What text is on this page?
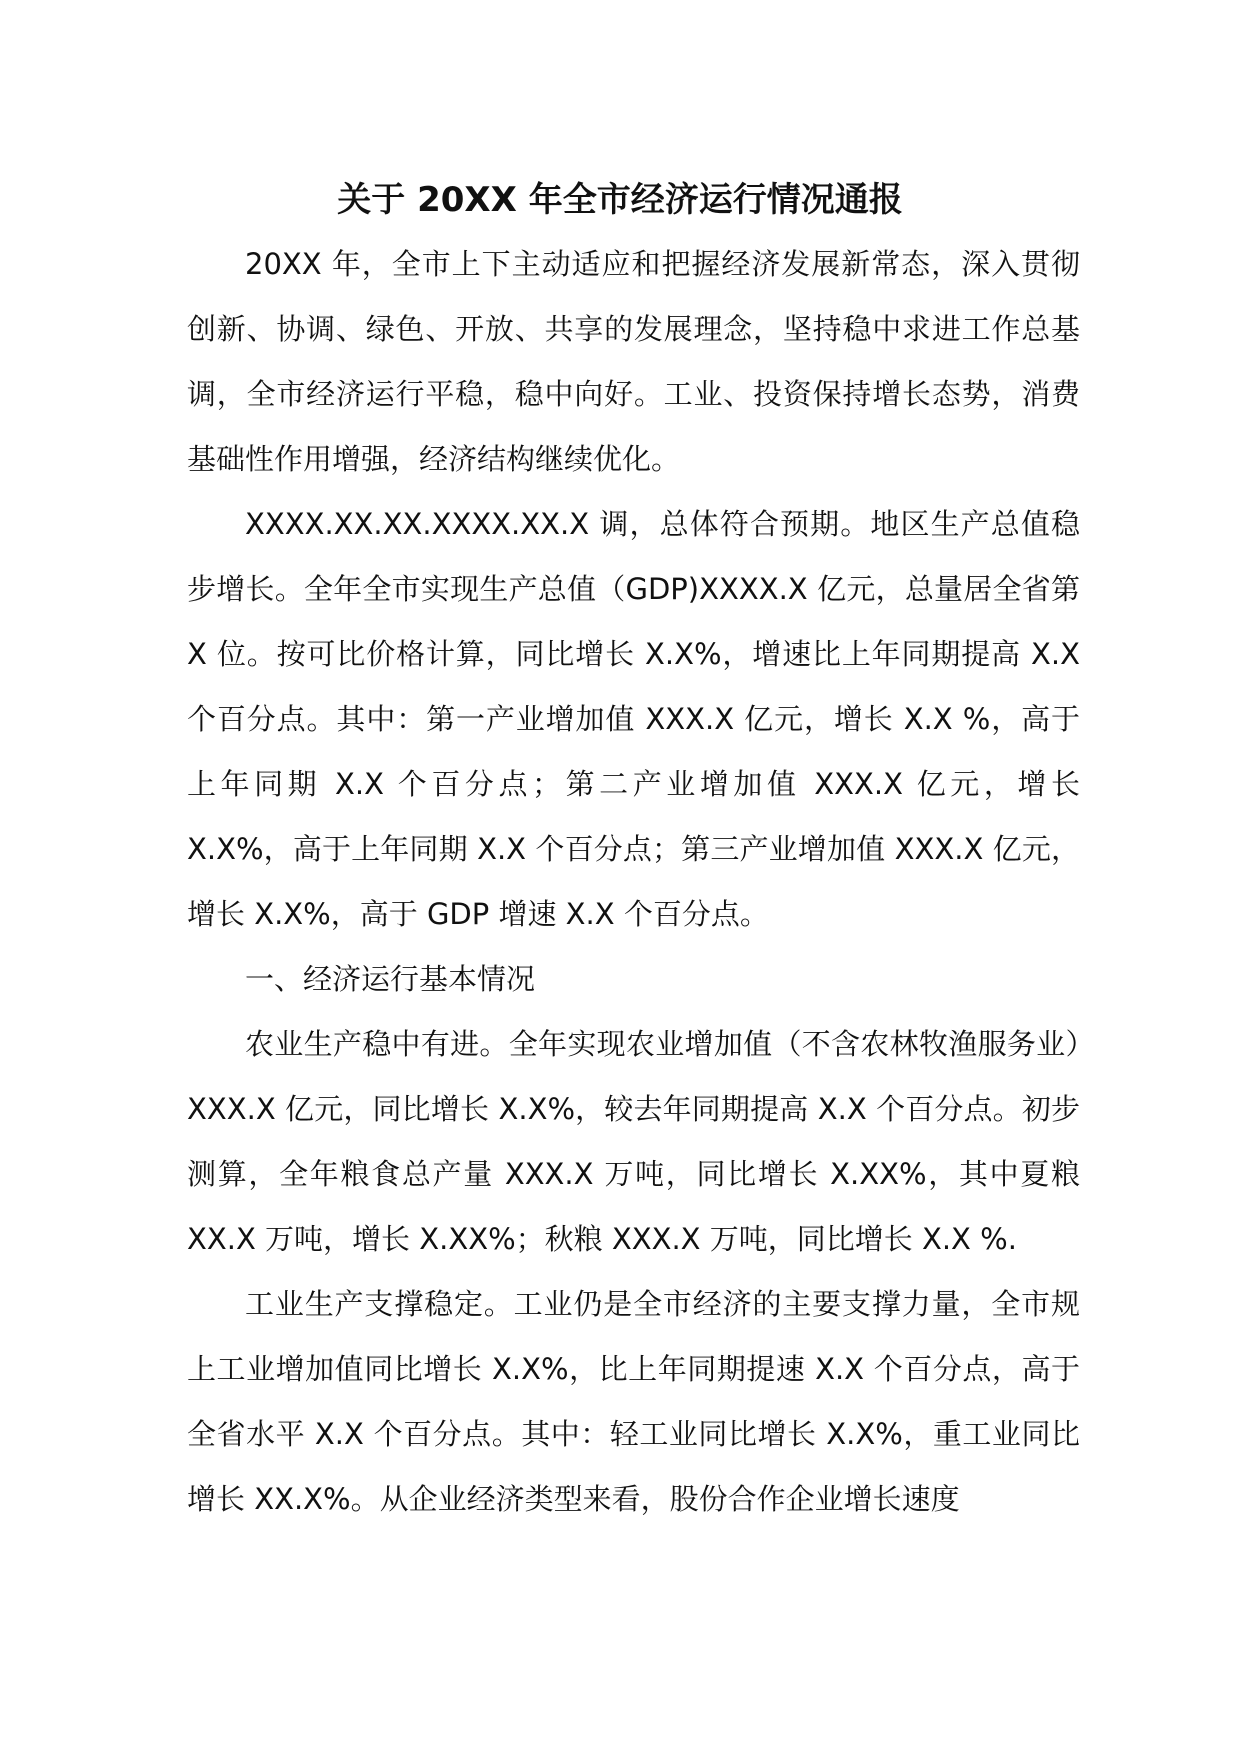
关于 20XX 年全市经济运行情况通报

20XX 年，全市上下主动适应和把握经济发展新常态，深入贯彻创新、协调、绿色、开放、共享的发展理念，坚持稳中求进工作总基调，全市经济运行平稳，稳中向好。工业、投资保持增长态势，消费基础性作用增强，经济结构继续优化。

XXXX.XX.XX.XXXX.XX.X 调，总体符合预期。地区生产总值稳步增长。全年全市实现生产总值（GDP)XXXX.X 亿元，总量居全省第 X 位。按可比价格计算，同比增长 X.X%，增速比上年同期提高 X.X 个百分点。其中：第一产业增加值 XXX.X 亿元，增长 X.X %，高于上年同期 X.X 个百分点；第二产业增加值 XXX.X 亿元，增长 X.X%，高于上年同期 X.X 个百分点；第三产业增加值 XXX.X 亿元，增长 X.X%，高于 GDP 增速 X.X 个百分点。

一、经济运行基本情况

农业生产稳中有进。全年实现农业增加值（不含农林牧渔服务业）XXX.X 亿元，同比增长 X.X%，较去年同期提高 X.X 个百分点。初步测算，全年粮食总产量 XXX.X 万吨，同比增长 X.XX%，其中夏粮 XX.X 万吨，增长 X.XX%；秋粮 XXX.X 万吨，同比增长 X.X %.

工业生产支撑稳定。工业仍是全市经济的主要支撑力量，全市规上工业增加值同比增长 X.X%，比上年同期提速 X.X 个百分点，高于全省水平 X.X 个百分点。其中：轻工业同比增长 X.X%，重工业同比增长 XX.X%。从企业经济类型来看，股份合作企业增长速度
